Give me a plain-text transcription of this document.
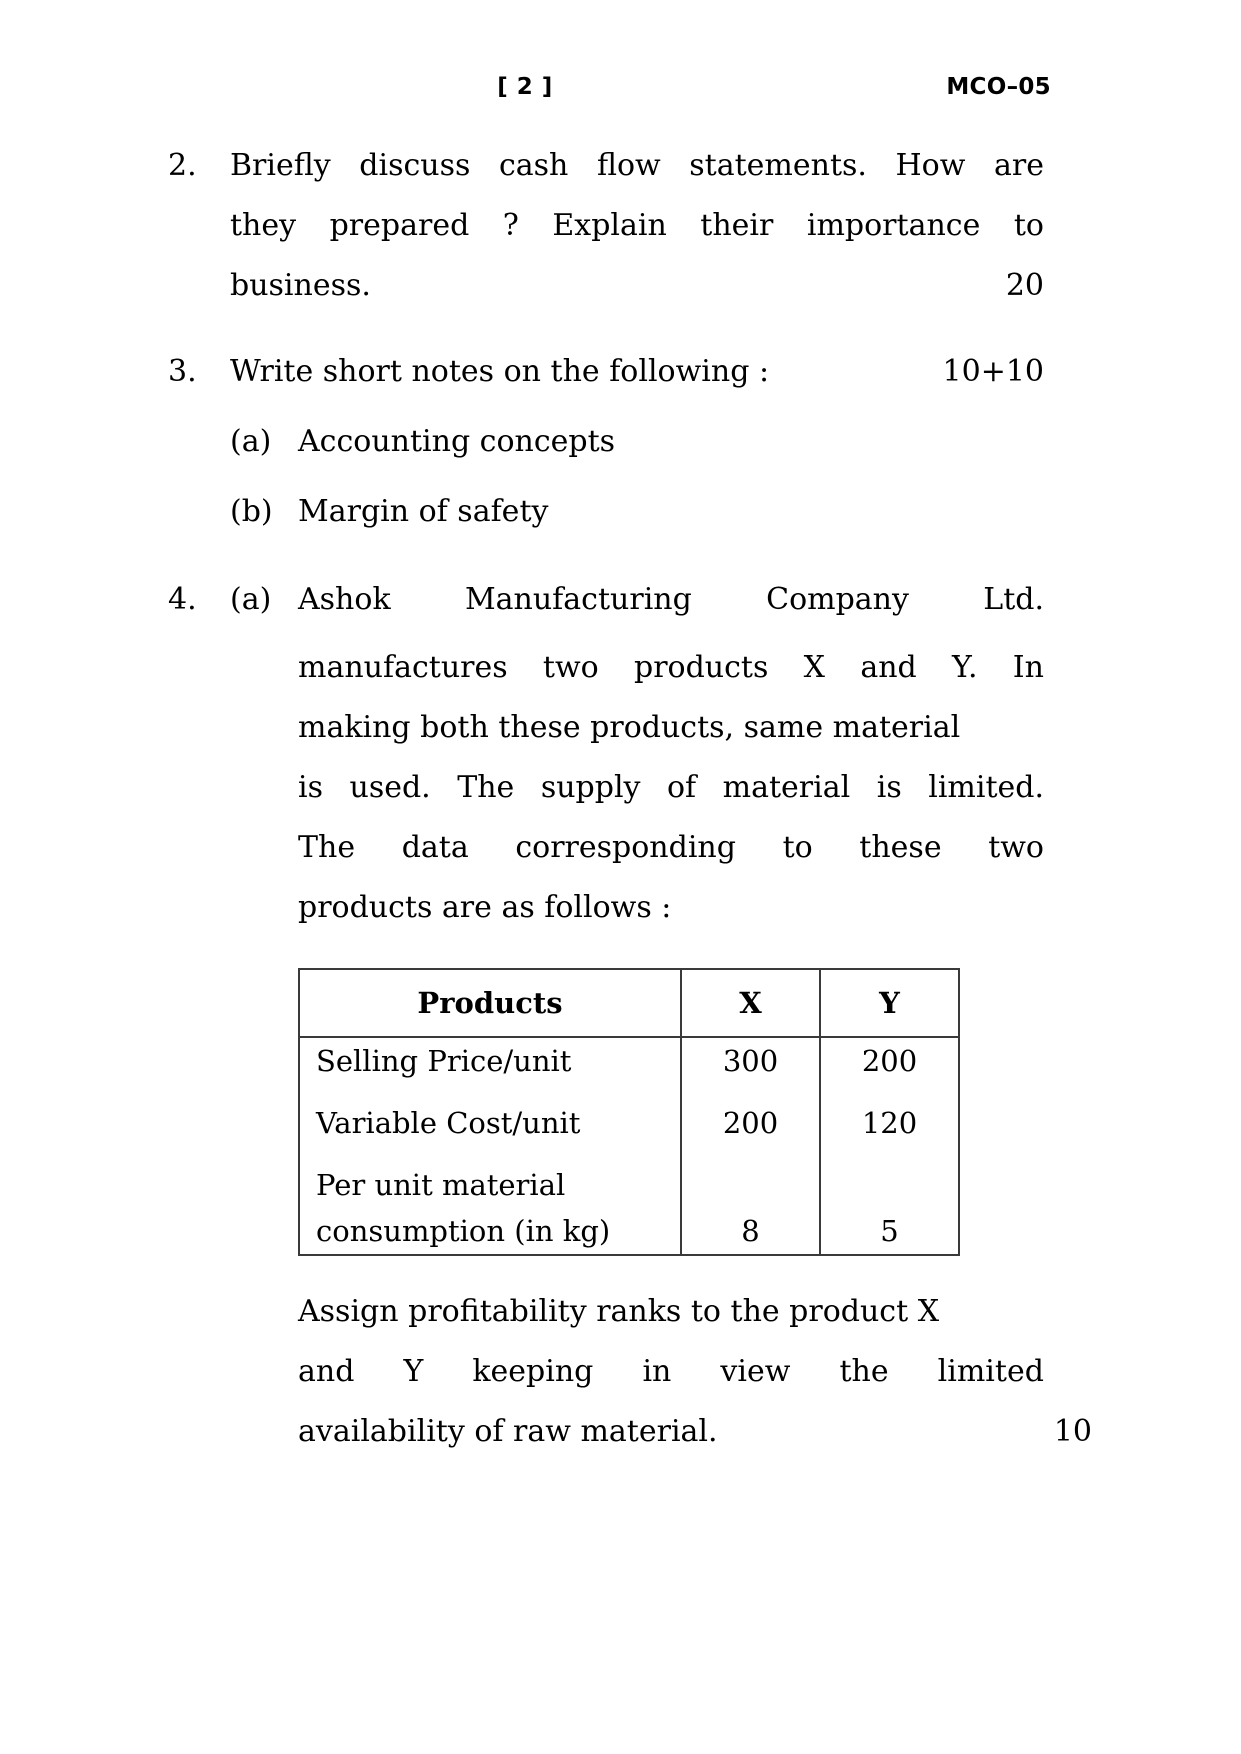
[ 2 ]	MCO–05
2.	Briefly discuss cash flow statements. How are
they prepared ? Explain their importance to
business.	20
3.	Write short notes on the following :	10+10
(a) Accounting concepts
(b) Margin of safety
4.	(a) Ashok Manufacturing Company Ltd.
manufactures two products X and Y. In
making both these products, same material
is used. The supply of material is limited.
The data corresponding to these two
products are as follows :
Products	X	Y
Selling Price/unit	300	200
Variable Cost/unit	200	120

Per unit material
consumption (in kg)	8	5
Assign profitability ranks to the product X
and Y keeping in view the limited
availability of raw material.	10
